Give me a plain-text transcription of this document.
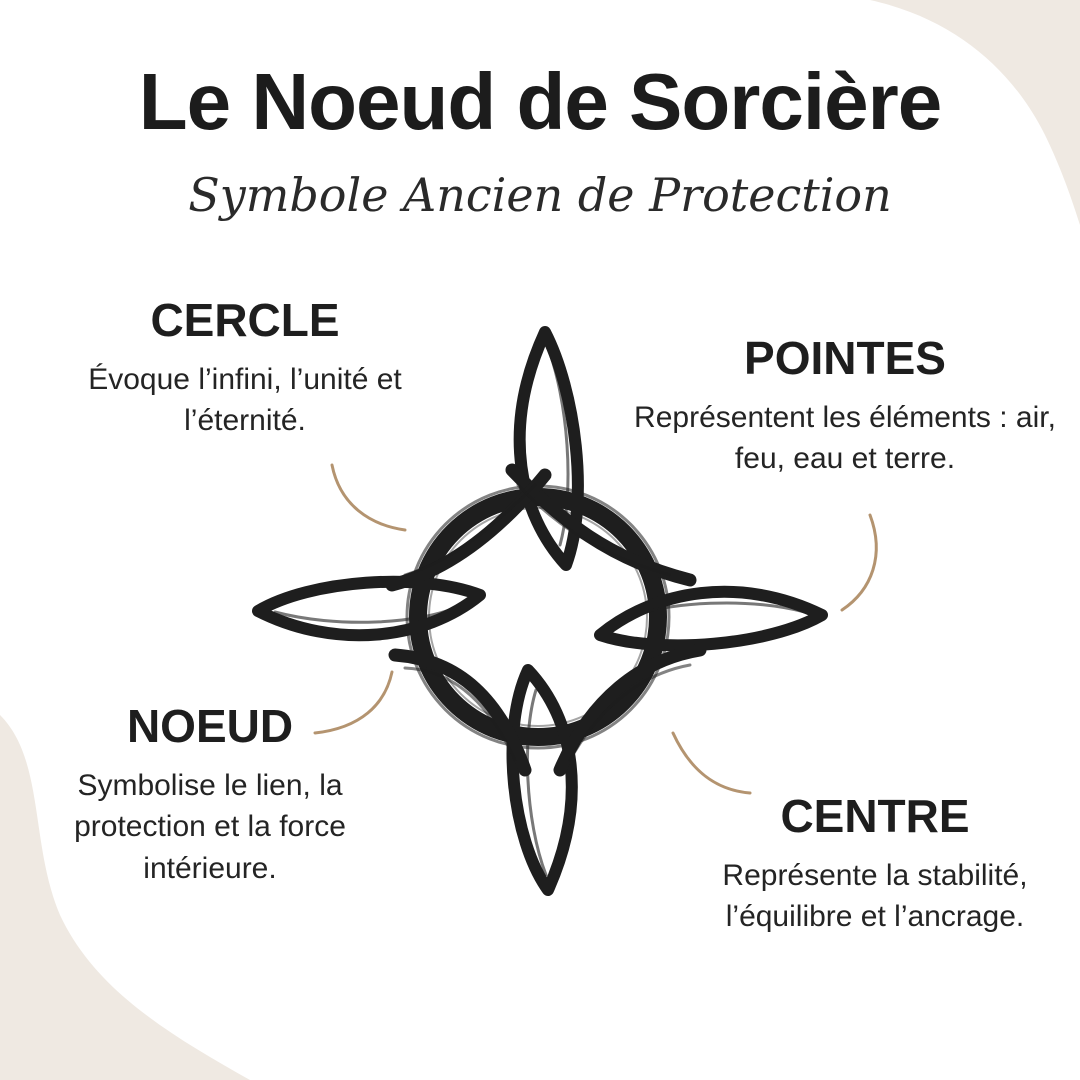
Le Noeud de Sorcière
Symbole Ancien de Protection
CERCLE

Évoque l’infini, l’unité et l’éternité.

POINTES

Représentent les éléments : air, feu, eau et terre.

NOEUD

Symbolise le lien, la protection et la force intérieure.

CENTRE

Représente la stabilité, l’équilibre et l’ancrage.
